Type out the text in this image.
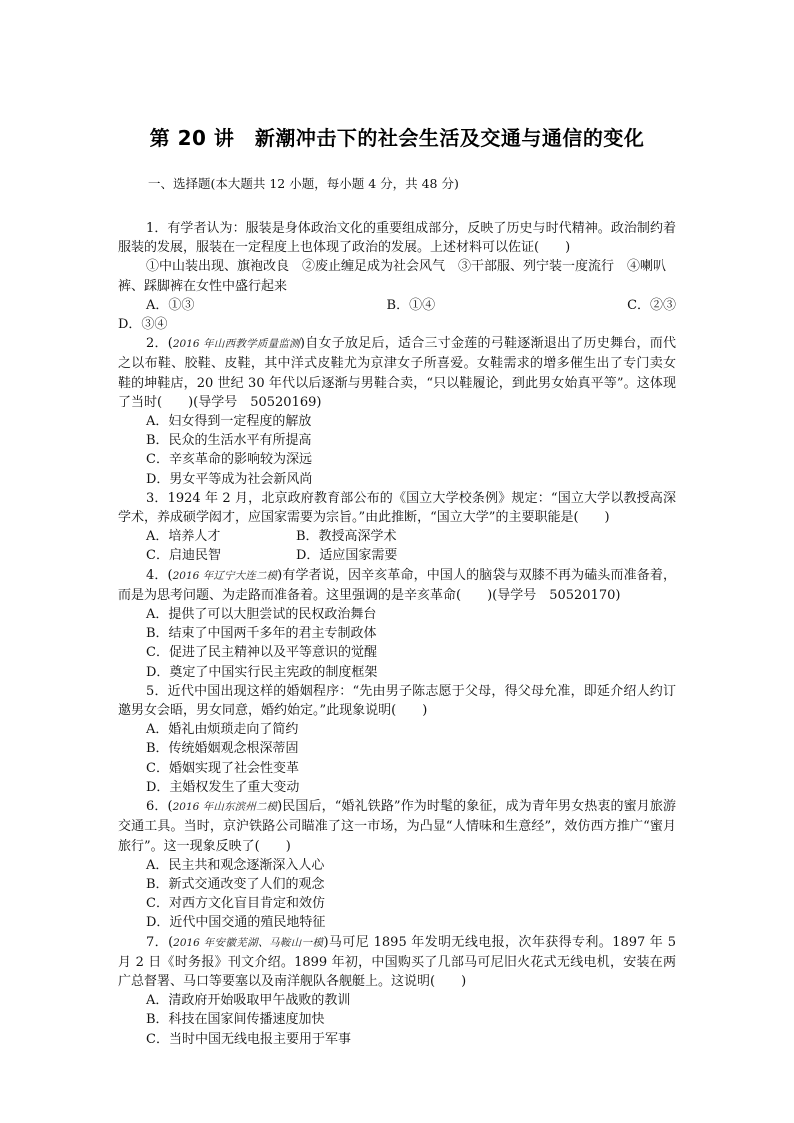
第 20 讲　新潮冲击下的社会生活及交通与通信的变化
一、选择题(本大题共 12 小题，每小题 4 分，共 48 分)

1．有学者认为：服装是身体政治文化的重要组成部分，反映了历史与时代精神。政治制约着服装的发展，服装在一定程度上也体现了政治的发展。上述材料可以佐证(　　)

①中山装出现、旗袍改良　②废止缠足成为社会风气　③干部服、列宁装一度流行　④喇叭裤、踩脚裤在女性中盛行起来

A．①③	B．①④	C．②③

D．③④

2．(2016 年山西教学质量监测)自女子放足后，适合三寸金莲的弓鞋逐渐退出了历史舞台，而代之以布鞋、胶鞋、皮鞋，其中洋式皮鞋尤为京津女子所喜爱。女鞋需求的增多催生出了专门卖女鞋的坤鞋店，20 世纪 30 年代以后逐渐与男鞋合卖，“只以鞋履论，到此男女始真平等”。这体现了当时(　　)(导学号　50520169)

A．妇女得到一定程度的解放

B．民众的生活水平有所提高

C．辛亥革命的影响较为深远

D．男女平等成为社会新风尚

3．1924 年 2 月，北京政府教育部公布的《国立大学校条例》规定：“国立大学以教授高深学术，养成硕学闳才，应国家需要为宗旨。”由此推断，“国立大学”的主要职能是(　　)

A．培养人才	B．教授高深学术
C．启迪民智	D．适应国家需要

4．(2016 年辽宁大连二模)有学者说，因辛亥革命，中国人的脑袋与双膝不再为磕头而准备着，而是为思考问题、为走路而准备着。这里强调的是辛亥革命(　　)(导学号　50520170)

A．提供了可以大胆尝试的民权政治舞台

B．结束了中国两千多年的君主专制政体

C．促进了民主精神以及平等意识的觉醒

D．奠定了中国实行民主宪政的制度框架

5．近代中国出现这样的婚姻程序：“先由男子陈志愿于父母，得父母允准，即延介绍人约订邀男女会晤，男女同意，婚约始定。”此现象说明(　　)

A．婚礼由烦琐走向了简约

B．传统婚姻观念根深蒂固

C．婚姻实现了社会性变革

D．主婚权发生了重大变动

6．(2016 年山东滨州二模)民国后，“婚礼铁路”作为时髦的象征，成为青年男女热衷的蜜月旅游交通工具。当时，京沪铁路公司瞄准了这一市场，为凸显“人情味和生意经”，效仿西方推广“蜜月旅行”。这一现象反映了(　　)

A．民主共和观念逐渐深入人心

B．新式交通改变了人们的观念

C．对西方文化盲目肯定和效仿

D．近代中国交通的殖民地特征

7．(2016 年安徽芜湖、马鞍山一模)马可尼 1895 年发明无线电报，次年获得专利。1897 年 5 月 2 日《时务报》刊文介绍。1899 年初，中国购买了几部马可尼旧火花式无线电机，安装在两广总督署、马口等要塞以及南洋舰队各舰艇上。这说明(　　)

A．清政府开始吸取甲午战败的教训

B．科技在国家间传播速度加快

C．当时中国无线电报主要用于军事
